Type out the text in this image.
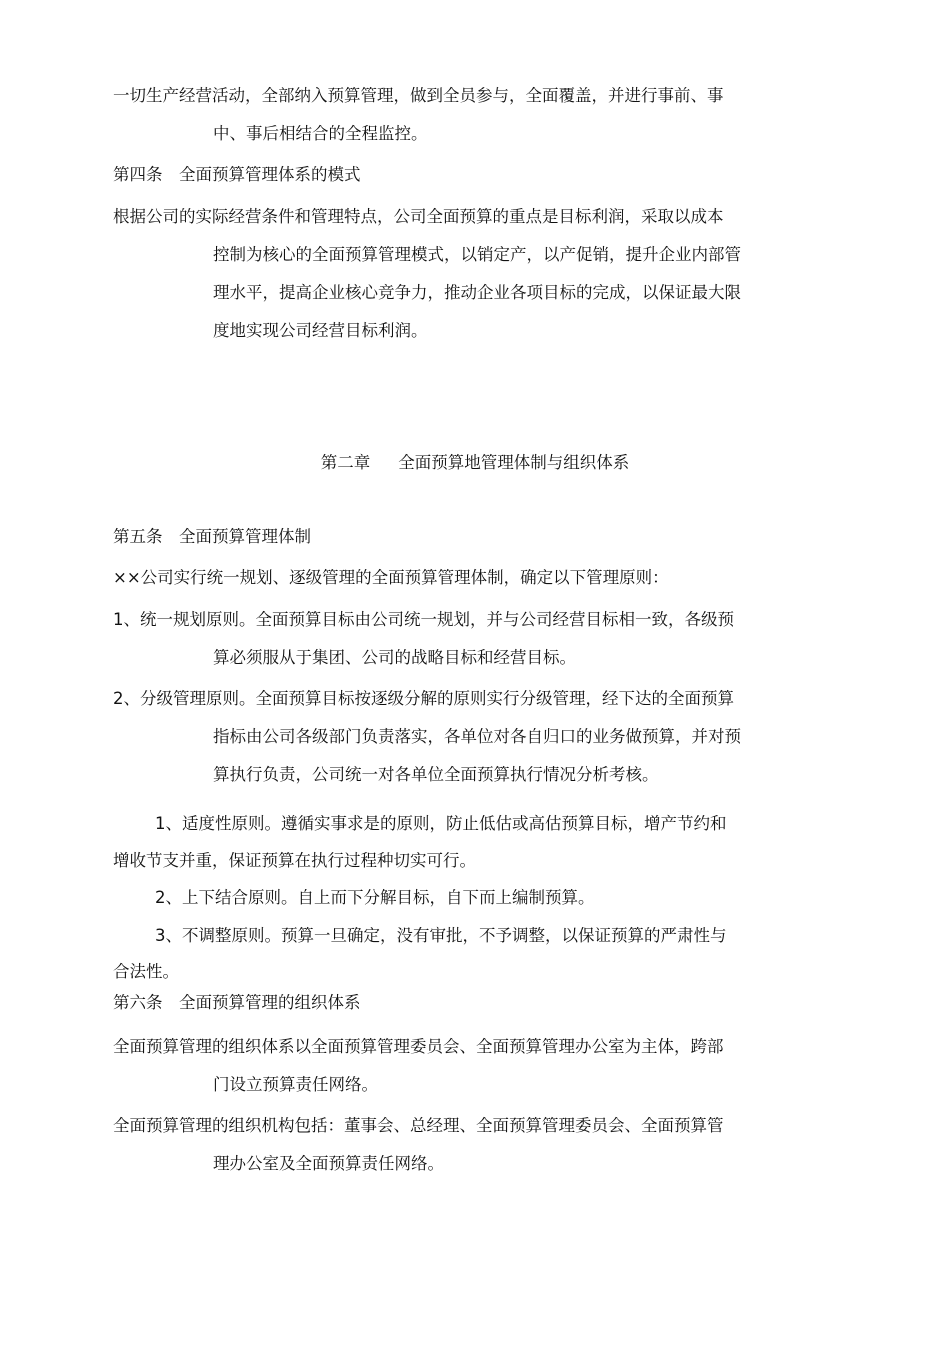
一切生产经营活动，全部纳入预算管理，做到全员参与，全面覆盖，并进行事前、事

中、事后相结合的全程监控。

第四条　全面预算管理体系的模式

根据公司的实际经营条件和管理特点，公司全面预算的重点是目标利润，采取以成本

控制为核心的全面预算管理模式，以销定产，以产促销，提升企业内部管

理水平，提高企业核心竞争力，推动企业各项目标的完成，以保证最大限

度地实现公司经营目标利润。

第二章 全面预算地管理体制与组织体系

第五条　全面预算管理体制

××公司实行统一规划、逐级管理的全面预算管理体制，确定以下管理原则：

1、统一规划原则。全面预算目标由公司统一规划，并与公司经营目标相一致，各级预

算必须服从于集团、公司的战略目标和经营目标。

2、分级管理原则。全面预算目标按逐级分解的原则实行分级管理，经下达的全面预算

指标由公司各级部门负责落实，各单位对各自归口的业务做预算，并对预

算执行负责，公司统一对各单位全面预算执行情况分析考核。

1、适度性原则。遵循实事求是的原则，防止低估或高估预算目标，增产节约和

增收节支并重，保证预算在执行过程种切实可行。

2、上下结合原则。自上而下分解目标，自下而上编制预算。

3、不调整原则。预算一旦确定，没有审批，不予调整，以保证预算的严肃性与

合法性。

第六条　全面预算管理的组织体系

全面预算管理的组织体系以全面预算管理委员会、全面预算管理办公室为主体，跨部

门设立预算责任网络。

全面预算管理的组织机构包括：董事会、总经理、全面预算管理委员会、全面预算管

理办公室及全面预算责任网络。
